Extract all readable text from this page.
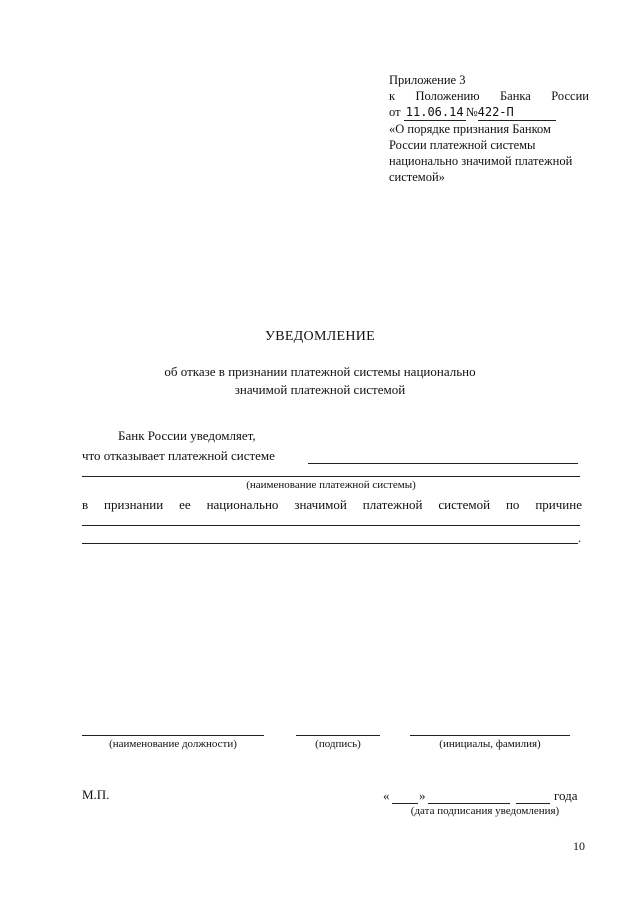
Приложение 3
к Положению Банка России
от 11.06.14 №422-П
«О порядке признания Банком
России платежной системы
национально значимой платежной
системой»
УВЕДОМЛЕНИЕ
об отказе в признании платежной системы национально
значимой платежной системой
Банк России уведомляет,
что отказывает платежной системе
(наименование платежной системы)
в признании ее национально значимой платежной системой по причине
.
(наименование должности)	(подпись)	(инициалы, фамилия)
М.П.	« »	года
(дата подписания уведомления)
10
